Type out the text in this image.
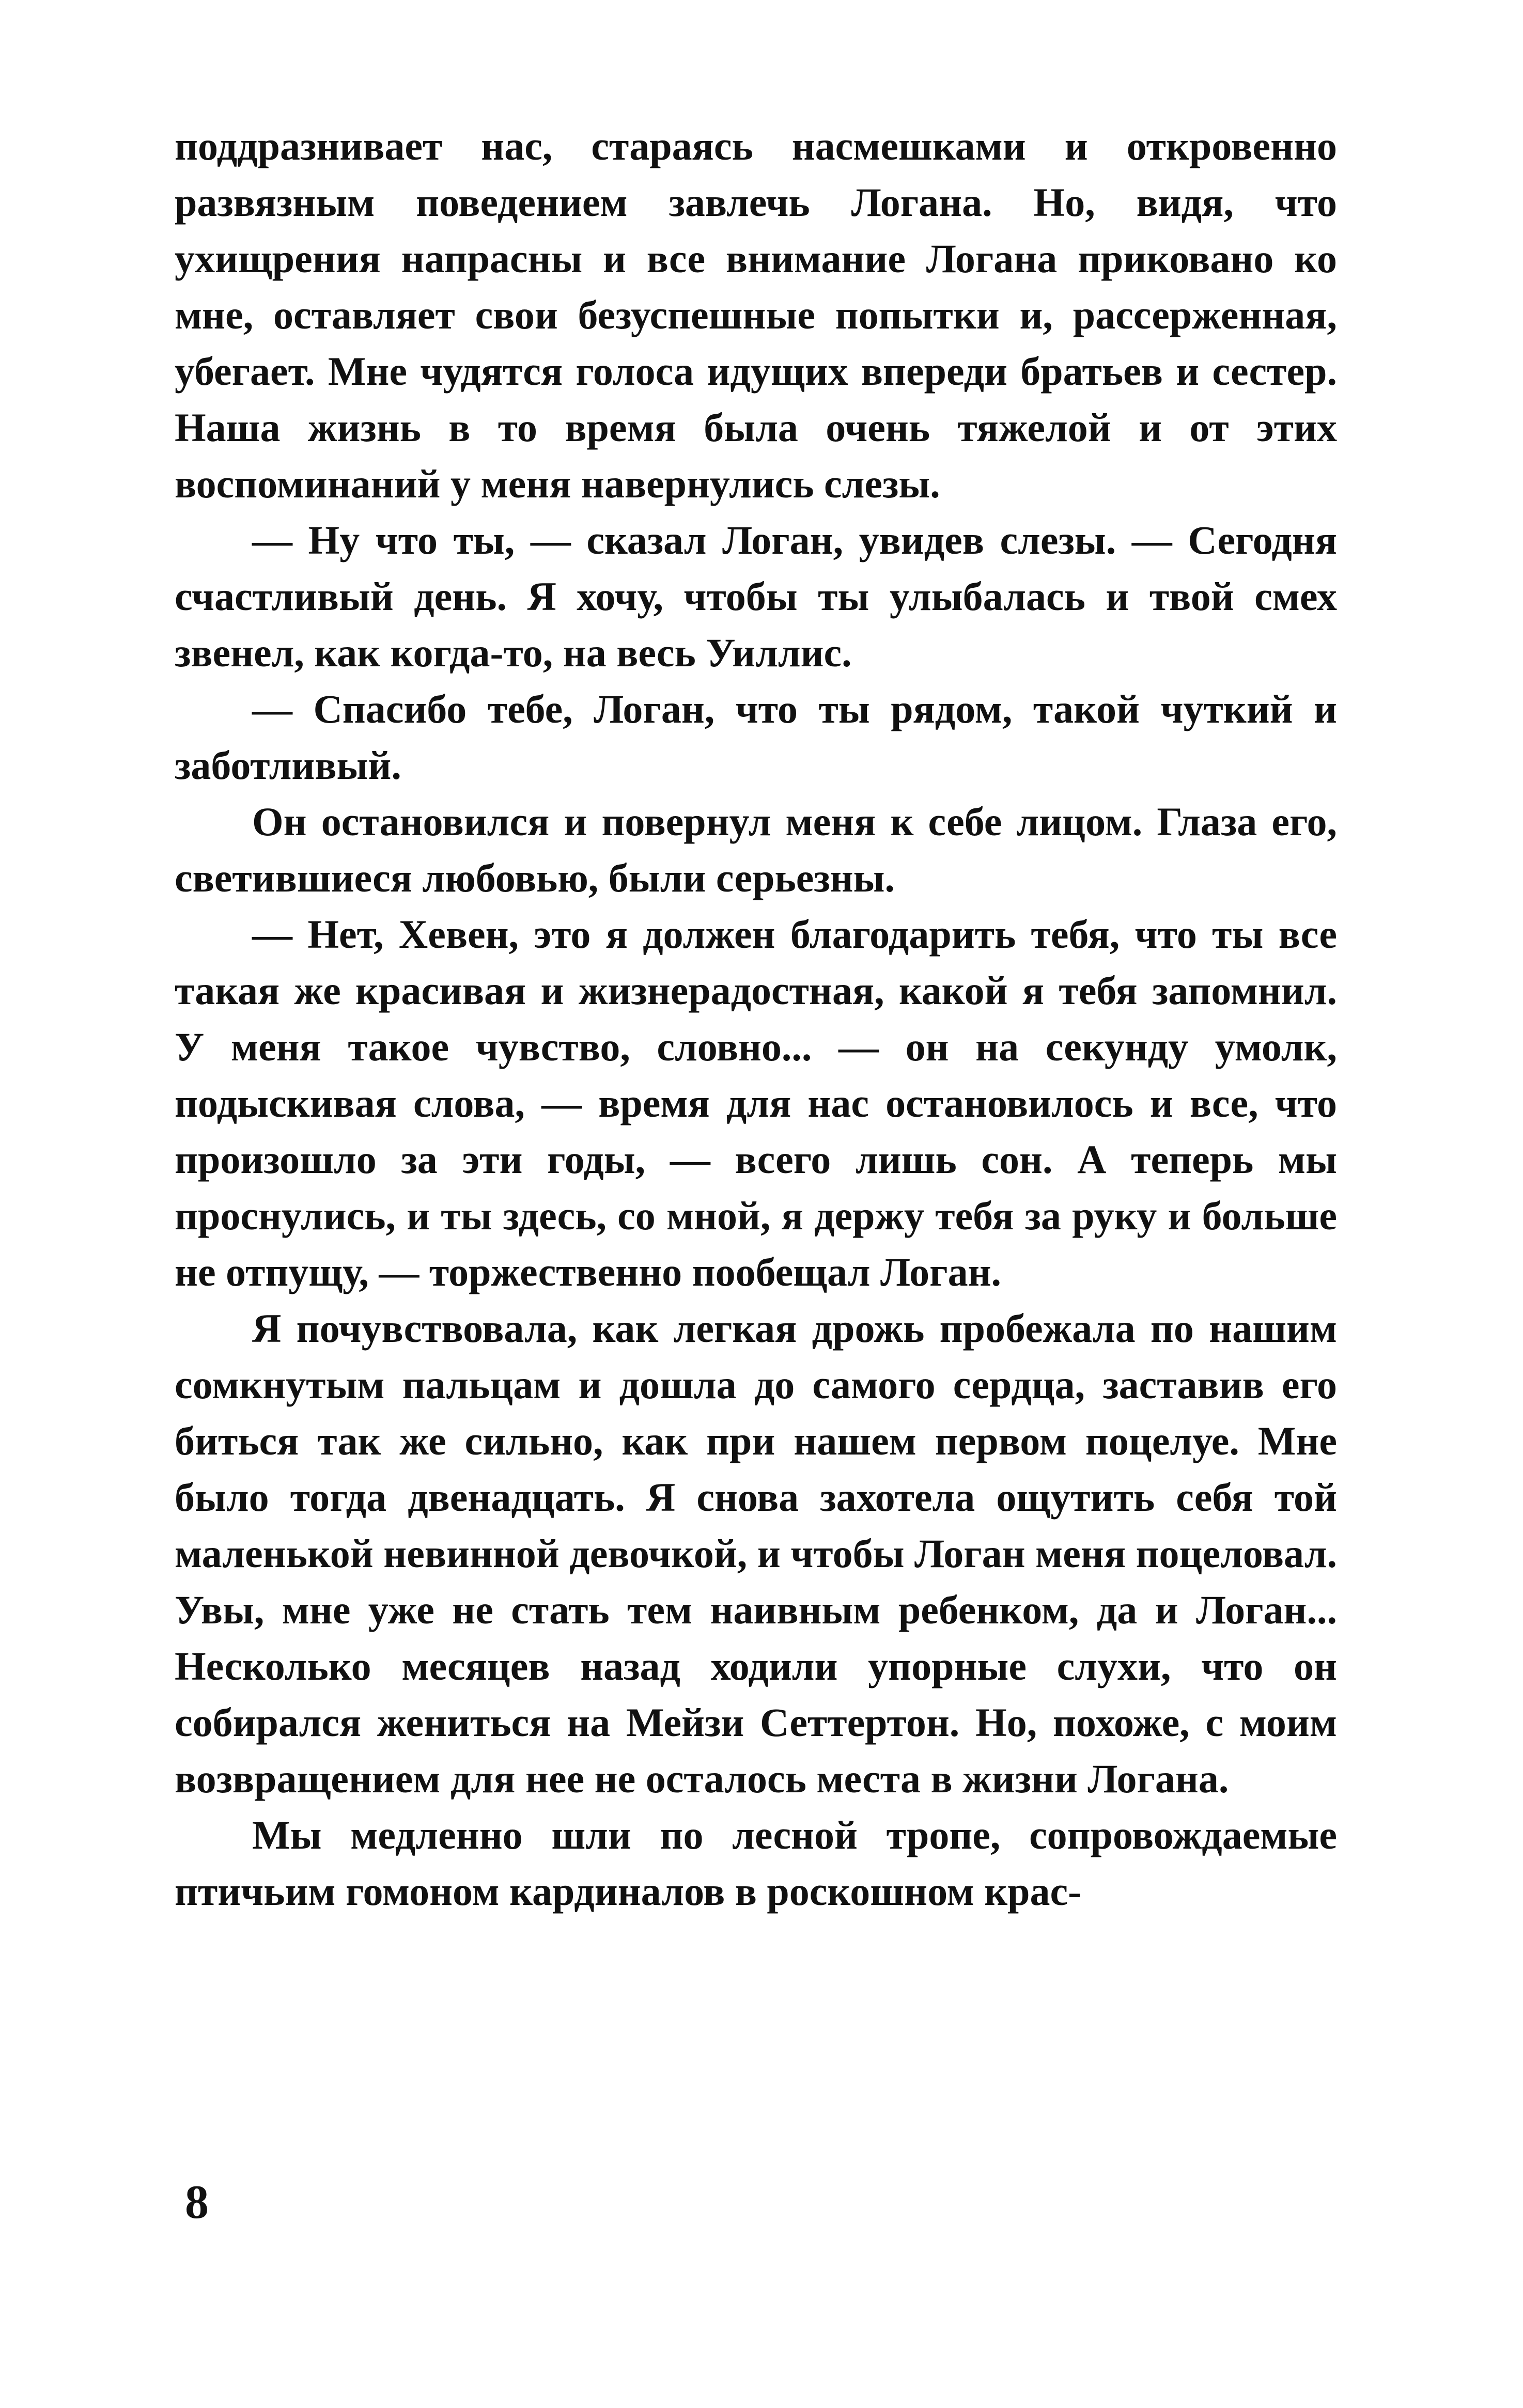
поддразнивает нас, стараясь насмешками и откровенно развязным поведением завлечь Логана. Но, видя, что ухищрения напрасны и все внимание Логана приковано ко мне, оставляет свои безуспешные попытки и, рассерженная, убегает. Мне чудятся голоса идущих впереди братьев и сестер. Наша жизнь в то время была очень тяжелой и от этих воспоминаний у меня навернулись слезы.

— Ну что ты, — сказал Логан, увидев слезы. — Сегодня счастливый день. Я хочу, чтобы ты улыбалась и твой смех звенел, как когда-то, на весь Уиллис.

— Спасибо тебе, Логан, что ты рядом, такой чуткий и заботливый.

Он остановился и повернул меня к себе лицом. Глаза его, светившиеся любовью, были серьезны.

— Нет, Хевен, это я должен благодарить тебя, что ты все такая же красивая и жизнерадостная, какой я тебя запомнил. У меня такое чувство, словно... — он на секунду умолк, подыскивая слова, — время для нас остановилось и все, что произошло за эти годы, — всего лишь сон. А теперь мы проснулись, и ты здесь, со мной, я держу тебя за руку и больше не отпущу, — торжественно пообещал Логан.

Я почувствовала, как легкая дрожь пробежала по нашим сомкнутым пальцам и дошла до самого сердца, заставив его биться так же сильно, как при нашем первом поцелуе. Мне было тогда двенадцать. Я снова захотела ощутить себя той маленькой невинной девочкой, и чтобы Логан меня поцеловал. Увы, мне уже не стать тем наивным ребенком, да и Логан... Несколько месяцев назад ходили упорные слухи, что он собирался жениться на Мейзи Сеттертон. Но, похоже, с моим возвращением для нее не осталось места в жизни Логана.

Мы медленно шли по лесной тропе, сопровождаемые птичьим гомоном кардиналов в роскошном крас-

8
